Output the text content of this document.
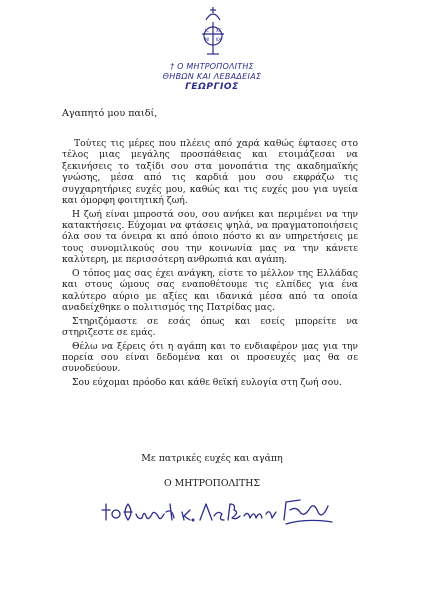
IC XC
NI KA
† Ο ΜΗΤΡΟΠΟΛΙΤΗΣ
ΘΗΒΩΝ ΚΑΙ ΛΕΒΑΔΕΙΑΣ
ΓΕΩΡΓΙΟΣ
Αγαπητό μου παιδί,

Τούτες τις μέρες που πλέεις από χαρά καθώς έφτασες στο τέλος μιας μεγάλης προσπάθειας και ετοιμάζεσαι να ξεκινήσεις το ταξίδι σου στα μονοπάτια της ακαδημαϊκής γνώσης, μέσα από τις καρδιά μου σου εκφράζω τις συγχαρητήριες ευχές μου, καθώς και τις ευχές μου για υγεία και όμορφη φοιτητική ζωή.

Η ζωή είναι μπροστά σου, σου ανήκει και περιμένει να την κατακτήσεις. Εύχομαι να φτάσεις ψηλά, να πραγματοποιήσεις όλα σου τα όνειρα κι από όποιο πόστο κι αν υπηρετήσεις με τους συνομιλικούς σου την κοινωνία μας να την κάνετε καλύτερη, με περισσότερη ανθρωπιά και αγάπη.

Ο τόπος μας σας έχει ανάγκη, είστε το μέλλον της Ελλάδας και στους ώμους σας εναποθέτουμε τις ελπίδες για ένα καλύτερο αύριο με αξίες και ιδανικά μέσα από τα οποία αναδείχθηκε ο πολιτισμός της Πατρίδας μας.

Στηριζόμαστε σε εσάς όπως και εσείς μπορείτε να στηριζεστε σε εμάς.

Θέλω να ξέρεις ότι η αγάπη και το ενδιαφέρον μας για την πορεία σου είναι δεδομένα και οι προσευχές μας θα σε συνοδεύουν.

Σου εύχομαι πρόοδο και κάθε θεϊκή ευλογία στη ζωή σου.

Με πατρικές ευχές και αγάπη
Ο ΜΗΤΡΟΠΟΛΙΤΗΣ
